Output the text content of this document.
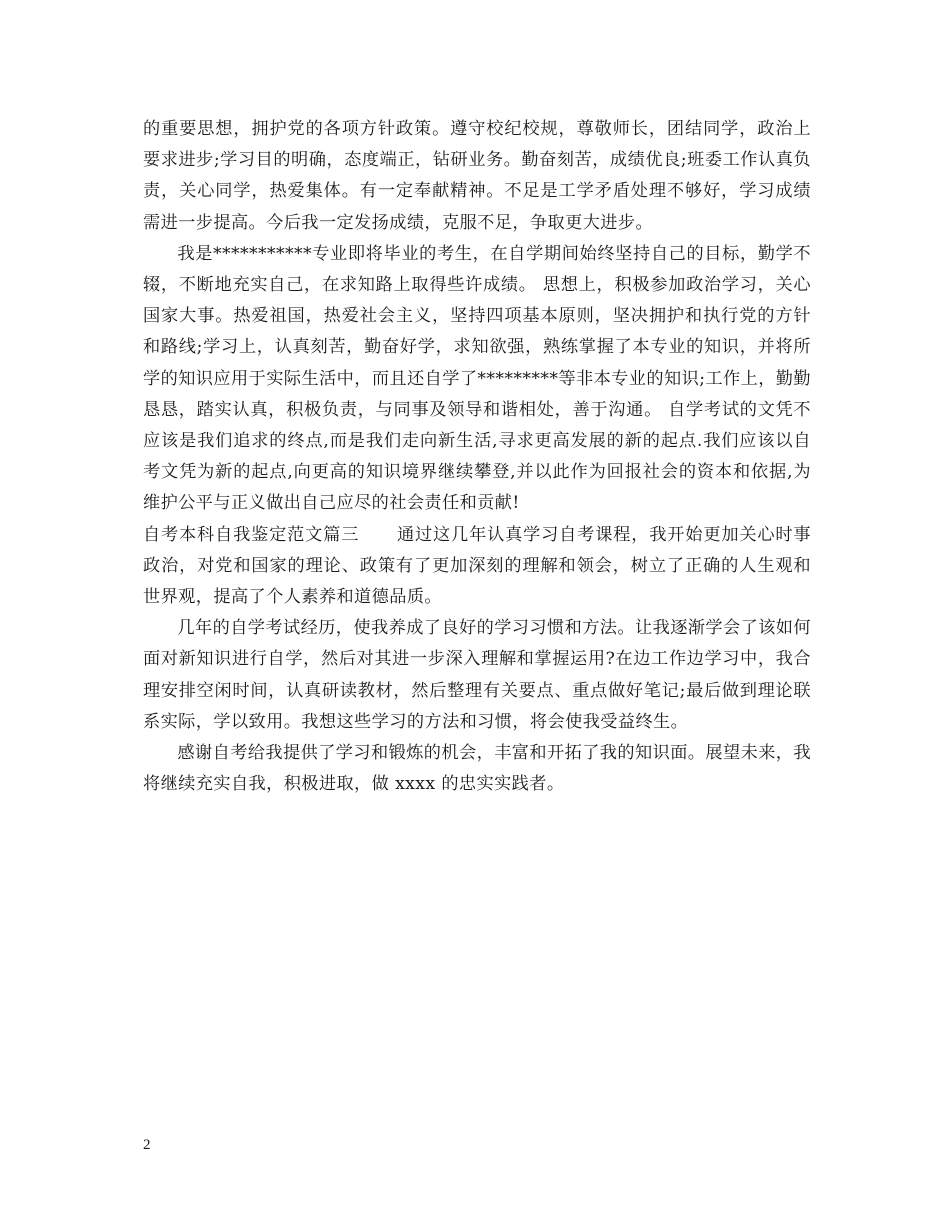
的重要思想，拥护党的各项方针政策。遵守校纪校规，尊敬师长，团结同学，政治上要求进步;学习目的明确，态度端正，钻研业务。勤奋刻苦，成绩优良;班委工作认真负责，关心同学，热爱集体。有一定奉献精神。不足是工学矛盾处理不够好，学习成绩需进一步提高。今后我一定发扬成绩，克服不足，争取更大进步。

我是***********专业即将毕业的考生，在自学期间始终坚持自己的目标，勤学不辍，不断地充实自己，在求知路上取得些许成绩。 思想上，积极参加政治学习，关心国家大事。热爱祖国，热爱社会主义，坚持四项基本原则，坚决拥护和执行党的方针和路线;学习上，认真刻苦，勤奋好学，求知欲强，熟练掌握了本专业的知识，并将所学的知识应用于实际生活中，而且还自学了*********等非本专业的知识;工作上，勤勤恳恳，踏实认真，积极负责，与同事及领导和谐相处，善于沟通。 自学考试的文凭不应该是我们追求的终点,而是我们走向新生活,寻求更高发展的新的起点.我们应该以自考文凭为新的起点,向更高的知识境界继续攀登,并以此作为回报社会的资本和依据,为维护公平与正义做出自己应尽的社会责任和贡献!

自考本科自我鉴定范文篇三      通过这几年认真学习自考课程，我开始更加关心时事政治，对党和国家的理论、政策有了更加深刻的理解和领会，树立了正确的人生观和世界观，提高了个人素养和道德品质。

几年的自学考试经历，使我养成了良好的学习习惯和方法。让我逐渐学会了该如何面对新知识进行自学，然后对其进一步深入理解和掌握运用?在边工作边学习中，我合理安排空闲时间，认真研读教材，然后整理有关要点、重点做好笔记;最后做到理论联系实际，学以致用。我想这些学习的方法和习惯，将会使我受益终生。

感谢自考给我提供了学习和锻炼的机会，丰富和开拓了我的知识面。展望未来，我将继续充实自我，积极进取，做 xxxx 的忠实实践者。

2
